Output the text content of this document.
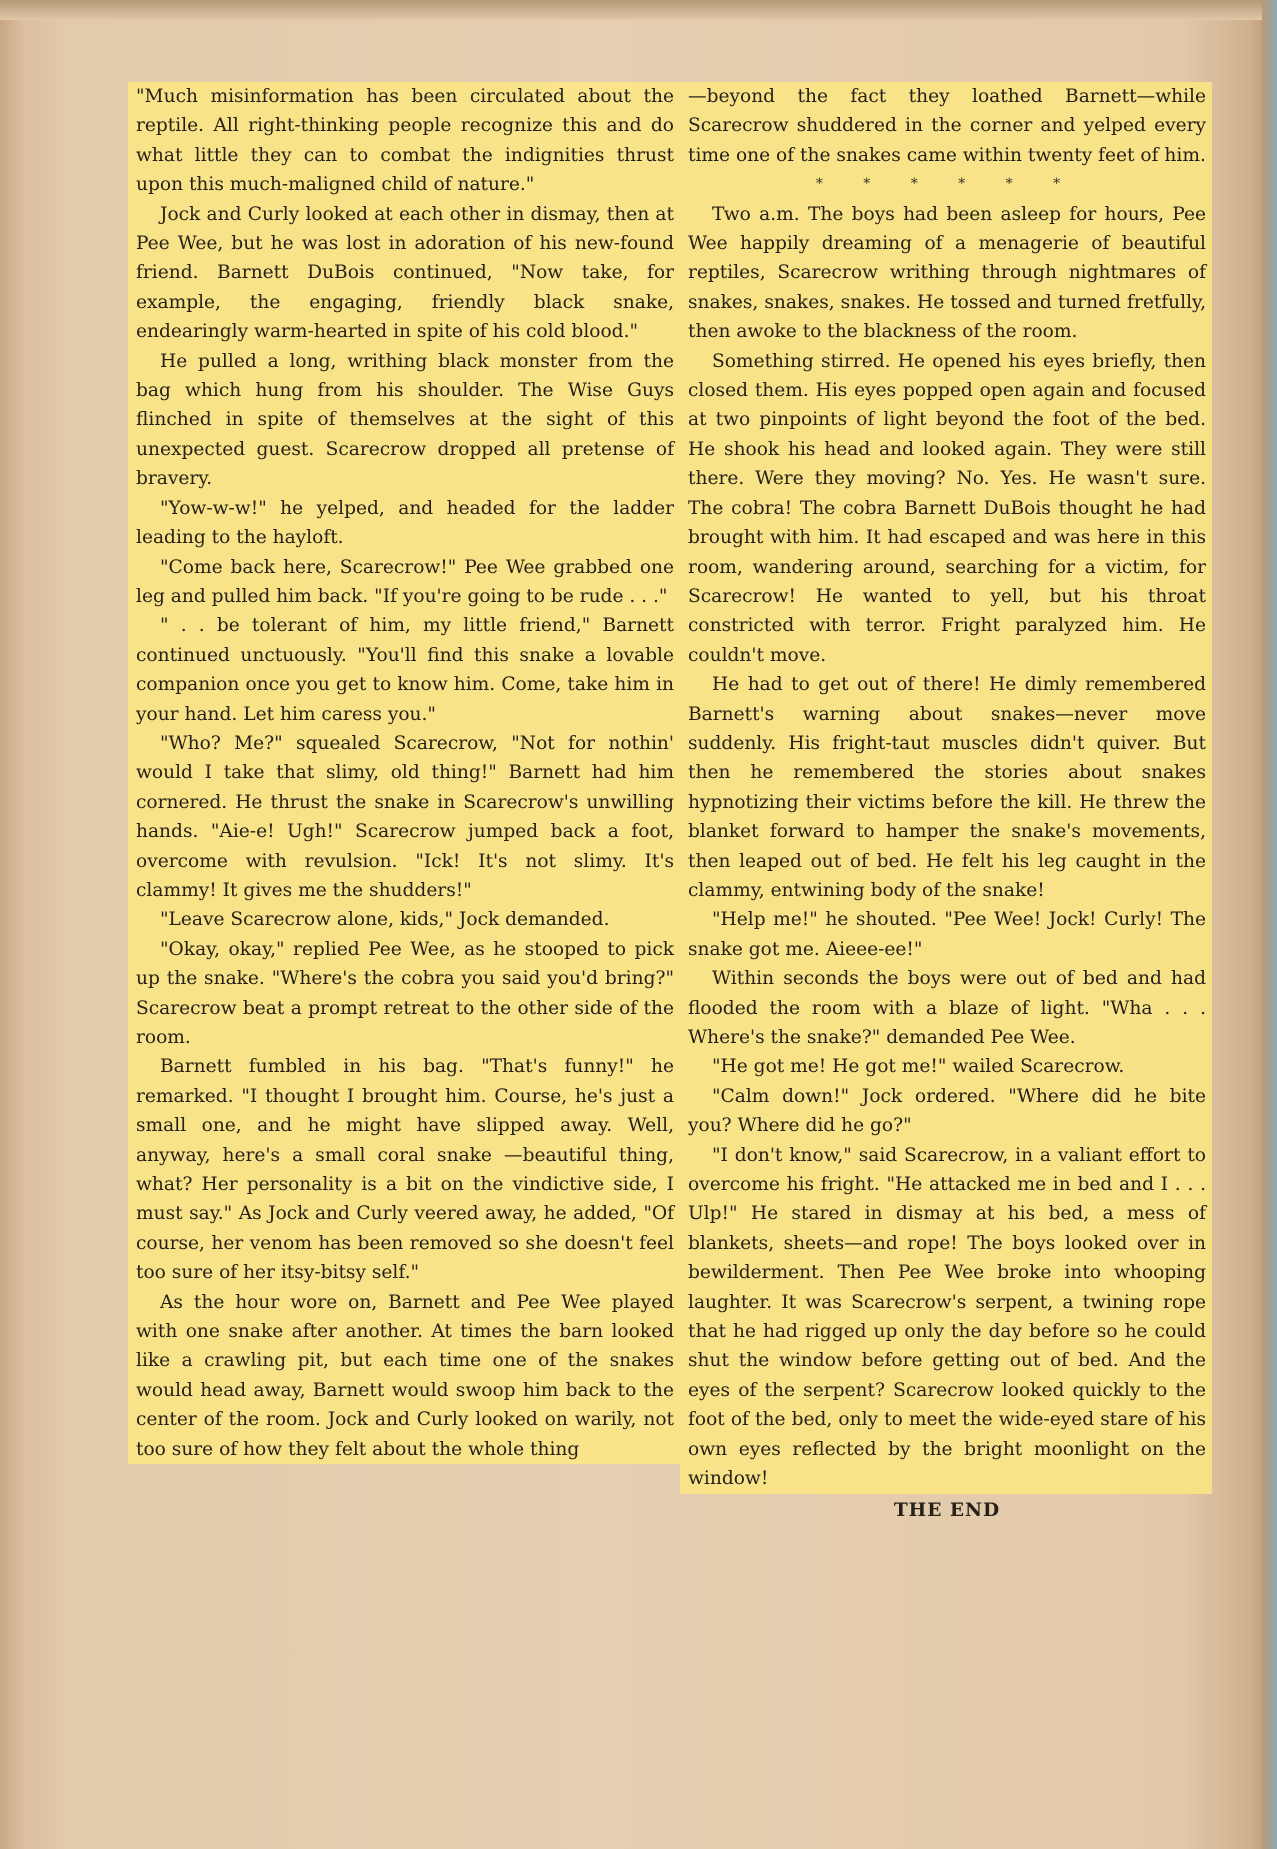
"Much misinformation has been circulated about the reptile. All right-thinking people recognize this and do what little they can to combat the indignities thrust upon this much-maligned child of nature."

Jock and Curly looked at each other in dismay, then at Pee Wee, but he was lost in adoration of his new-found friend. Barnett DuBois continued, "Now take, for example, the engaging, friendly black snake, endearingly warm-hearted in spite of his cold blood."

He pulled a long, writhing black monster from the bag which hung from his shoulder. The Wise Guys flinched in spite of themselves at the sight of this unexpected guest. Scarecrow dropped all pretense of bravery.

"Yow-w-w!" he yelped, and headed for the ladder leading to the hayloft.

"Come back here, Scarecrow!" Pee Wee grabbed one leg and pulled him back. "If you're going to be rude . . ."

" . . be tolerant of him, my little friend," Barnett continued unctuously. "You'll find this snake a lovable companion once you get to know him. Come, take him in your hand. Let him caress you."

"Who? Me?" squealed Scarecrow, "Not for nothin' would I take that slimy, old thing!" Barnett had him cornered. He thrust the snake in Scarecrow's unwilling hands. "Aie-e! Ugh!" Scarecrow jumped back a foot, overcome with revulsion. "Ick! It's not slimy. It's clammy! It gives me the shudders!"

"Leave Scarecrow alone, kids," Jock demanded.

"Okay, okay," replied Pee Wee, as he stooped to pick up the snake. "Where's the cobra you said you'd bring?" Scarecrow beat a prompt retreat to the other side of the room.

Barnett fumbled in his bag. "That's funny!" he remarked. "I thought I brought him. Course, he's just a small one, and he might have slipped away. Well, anyway, here's a small coral snake —beautiful thing, what? Her personality is a bit on the vindictive side, I must say." As Jock and Curly veered away, he added, "Of course, her venom has been removed so she doesn't feel too sure of her itsy-bitsy self."

As the hour wore on, Barnett and Pee Wee played with one snake after another. At times the barn looked like a crawling pit, but each time one of the snakes would head away, Barnett would swoop him back to the center of the room. Jock and Curly looked on warily, not too sure of how they felt about the whole thing

—beyond the fact they loathed Barnett—while Scarecrow shuddered in the corner and yelped every time one of the snakes came within twenty feet of him.

* * * * * *

Two a.m. The boys had been asleep for hours, Pee Wee happily dreaming of a menagerie of beautiful reptiles, Scarecrow writhing through nightmares of snakes, snakes, snakes. He tossed and turned fretfully, then awoke to the blackness of the room.

Something stirred. He opened his eyes briefly, then closed them. His eyes popped open again and focused at two pinpoints of light beyond the foot of the bed. He shook his head and looked again. They were still there. Were they moving? No. Yes. He wasn't sure. The cobra! The cobra Barnett DuBois thought he had brought with him. It had escaped and was here in this room, wandering around, searching for a victim, for Scarecrow! He wanted to yell, but his throat constricted with terror. Fright paralyzed him. He couldn't move.

He had to get out of there! He dimly remembered Barnett's warning about snakes—never move suddenly. His fright-taut muscles didn't quiver. But then he remembered the stories about snakes hypnotizing their victims before the kill. He threw the blanket forward to hamper the snake's movements, then leaped out of bed. He felt his leg caught in the clammy, entwining body of the snake!

"Help me!" he shouted. "Pee Wee! Jock! Curly! The snake got me. Aieee-ee!"

Within seconds the boys were out of bed and had flooded the room with a blaze of light. "Wha . . . Where's the snake?" demanded Pee Wee.

"He got me! He got me!" wailed Scarecrow.

"Calm down!" Jock ordered. "Where did he bite you? Where did he go?"

"I don't know," said Scarecrow, in a valiant effort to overcome his fright. "He attacked me in bed and I . . . Ulp!" He stared in dismay at his bed, a mess of blankets, sheets—and rope! The boys looked over in bewilderment. Then Pee Wee broke into whooping laughter. It was Scarecrow's serpent, a twining rope that he had rigged up only the day before so he could shut the window before getting out of bed. And the eyes of the serpent? Scarecrow looked quickly to the foot of the bed, only to meet the wide-eyed stare of his own eyes reflected by the bright moonlight on the window!

THE END
